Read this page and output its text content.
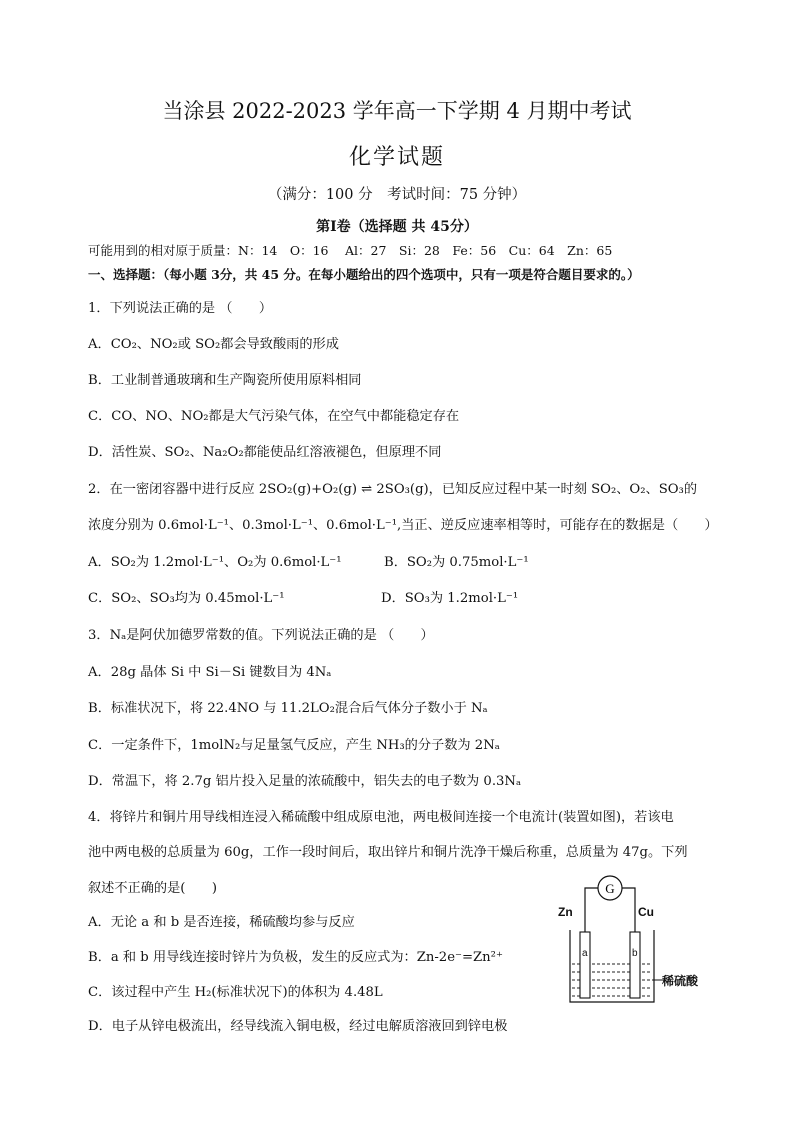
当涂县 2022-2023 学年高一下学期 4 月期中考试
化学试题
（满分：100 分　考试时间：75 分钟）
第Ⅰ卷（选择题 共 45分）
可能用到的相对原于质量：N：14　O：16　 Al：27　Si：28　Fe：56　Cu：64　Zn：65
一、选择题：（每小题 3分，共 45 分。在每小题给出的四个选项中，只有一项是符合题目要求的。）
1．下列说法正确的是 （　　）
A．CO₂、NO₂或 SO₂都会导致酸雨的形成
B．工业制普通玻璃和生产陶瓷所使用原料相同
C．CO、NO、NO₂都是大气污染气体，在空气中都能稳定存在
D．活性炭、SO₂、Na₂O₂都能使品红溶液褪色，但原理不同
2．在一密闭容器中进行反应 2SO₂(g)+O₂(g) ⇌ 2SO₃(g)，已知反应过程中某一时刻 SO₂、O₂、SO₃的
浓度分别为 0.6mol·L⁻¹、0.3mol·L⁻¹、0.6mol·L⁻¹,当正、逆反应速率相等时，可能存在的数据是（　　）
A．SO₂为 1.2mol·L⁻¹、O₂为 0.6mol·L⁻¹	B．SO₂为 0.75mol·L⁻¹
C．SO₂、SO₃均为 0.45mol·L⁻¹	D．SO₃为 1.2mol·L⁻¹
3．Nₐ是阿伏加德罗常数的值。下列说法正确的是 （　　）
A．28g 晶体 Si 中 Si－Si 键数目为 4Nₐ
B．标准状况下，将 22.4NO 与 11.2LO₂混合后气体分子数小于 Nₐ
C．一定条件下，1molN₂与足量氢气反应，产生 NH₃的分子数为 2Nₐ
D．常温下，将 2.7g 铝片投入足量的浓硫酸中，铝失去的电子数为 0.3Nₐ
4．将锌片和铜片用导线相连浸入稀硫酸中组成原电池，两电极间连接一个电流计(装置如图)，若该电
池中两电极的总质量为 60g，工作一段时间后，取出锌片和铜片洗净干燥后称重，总质量为 47g。下列
叙述不正确的是(　　)
A．无论 a 和 b 是否连接，稀硫酸均参与反应
B．a 和 b 用导线连接时锌片为负极，发生的反应式为：Zn-2e⁻=Zn²⁺
C．该过程中产生 H₂(标准状况下)的体积为 4.48L
D．电子从锌电极流出，经导线流入铜电极，经过电解质溶液回到锌电极
G
Zn	Cu
a	b
稀硫酸
